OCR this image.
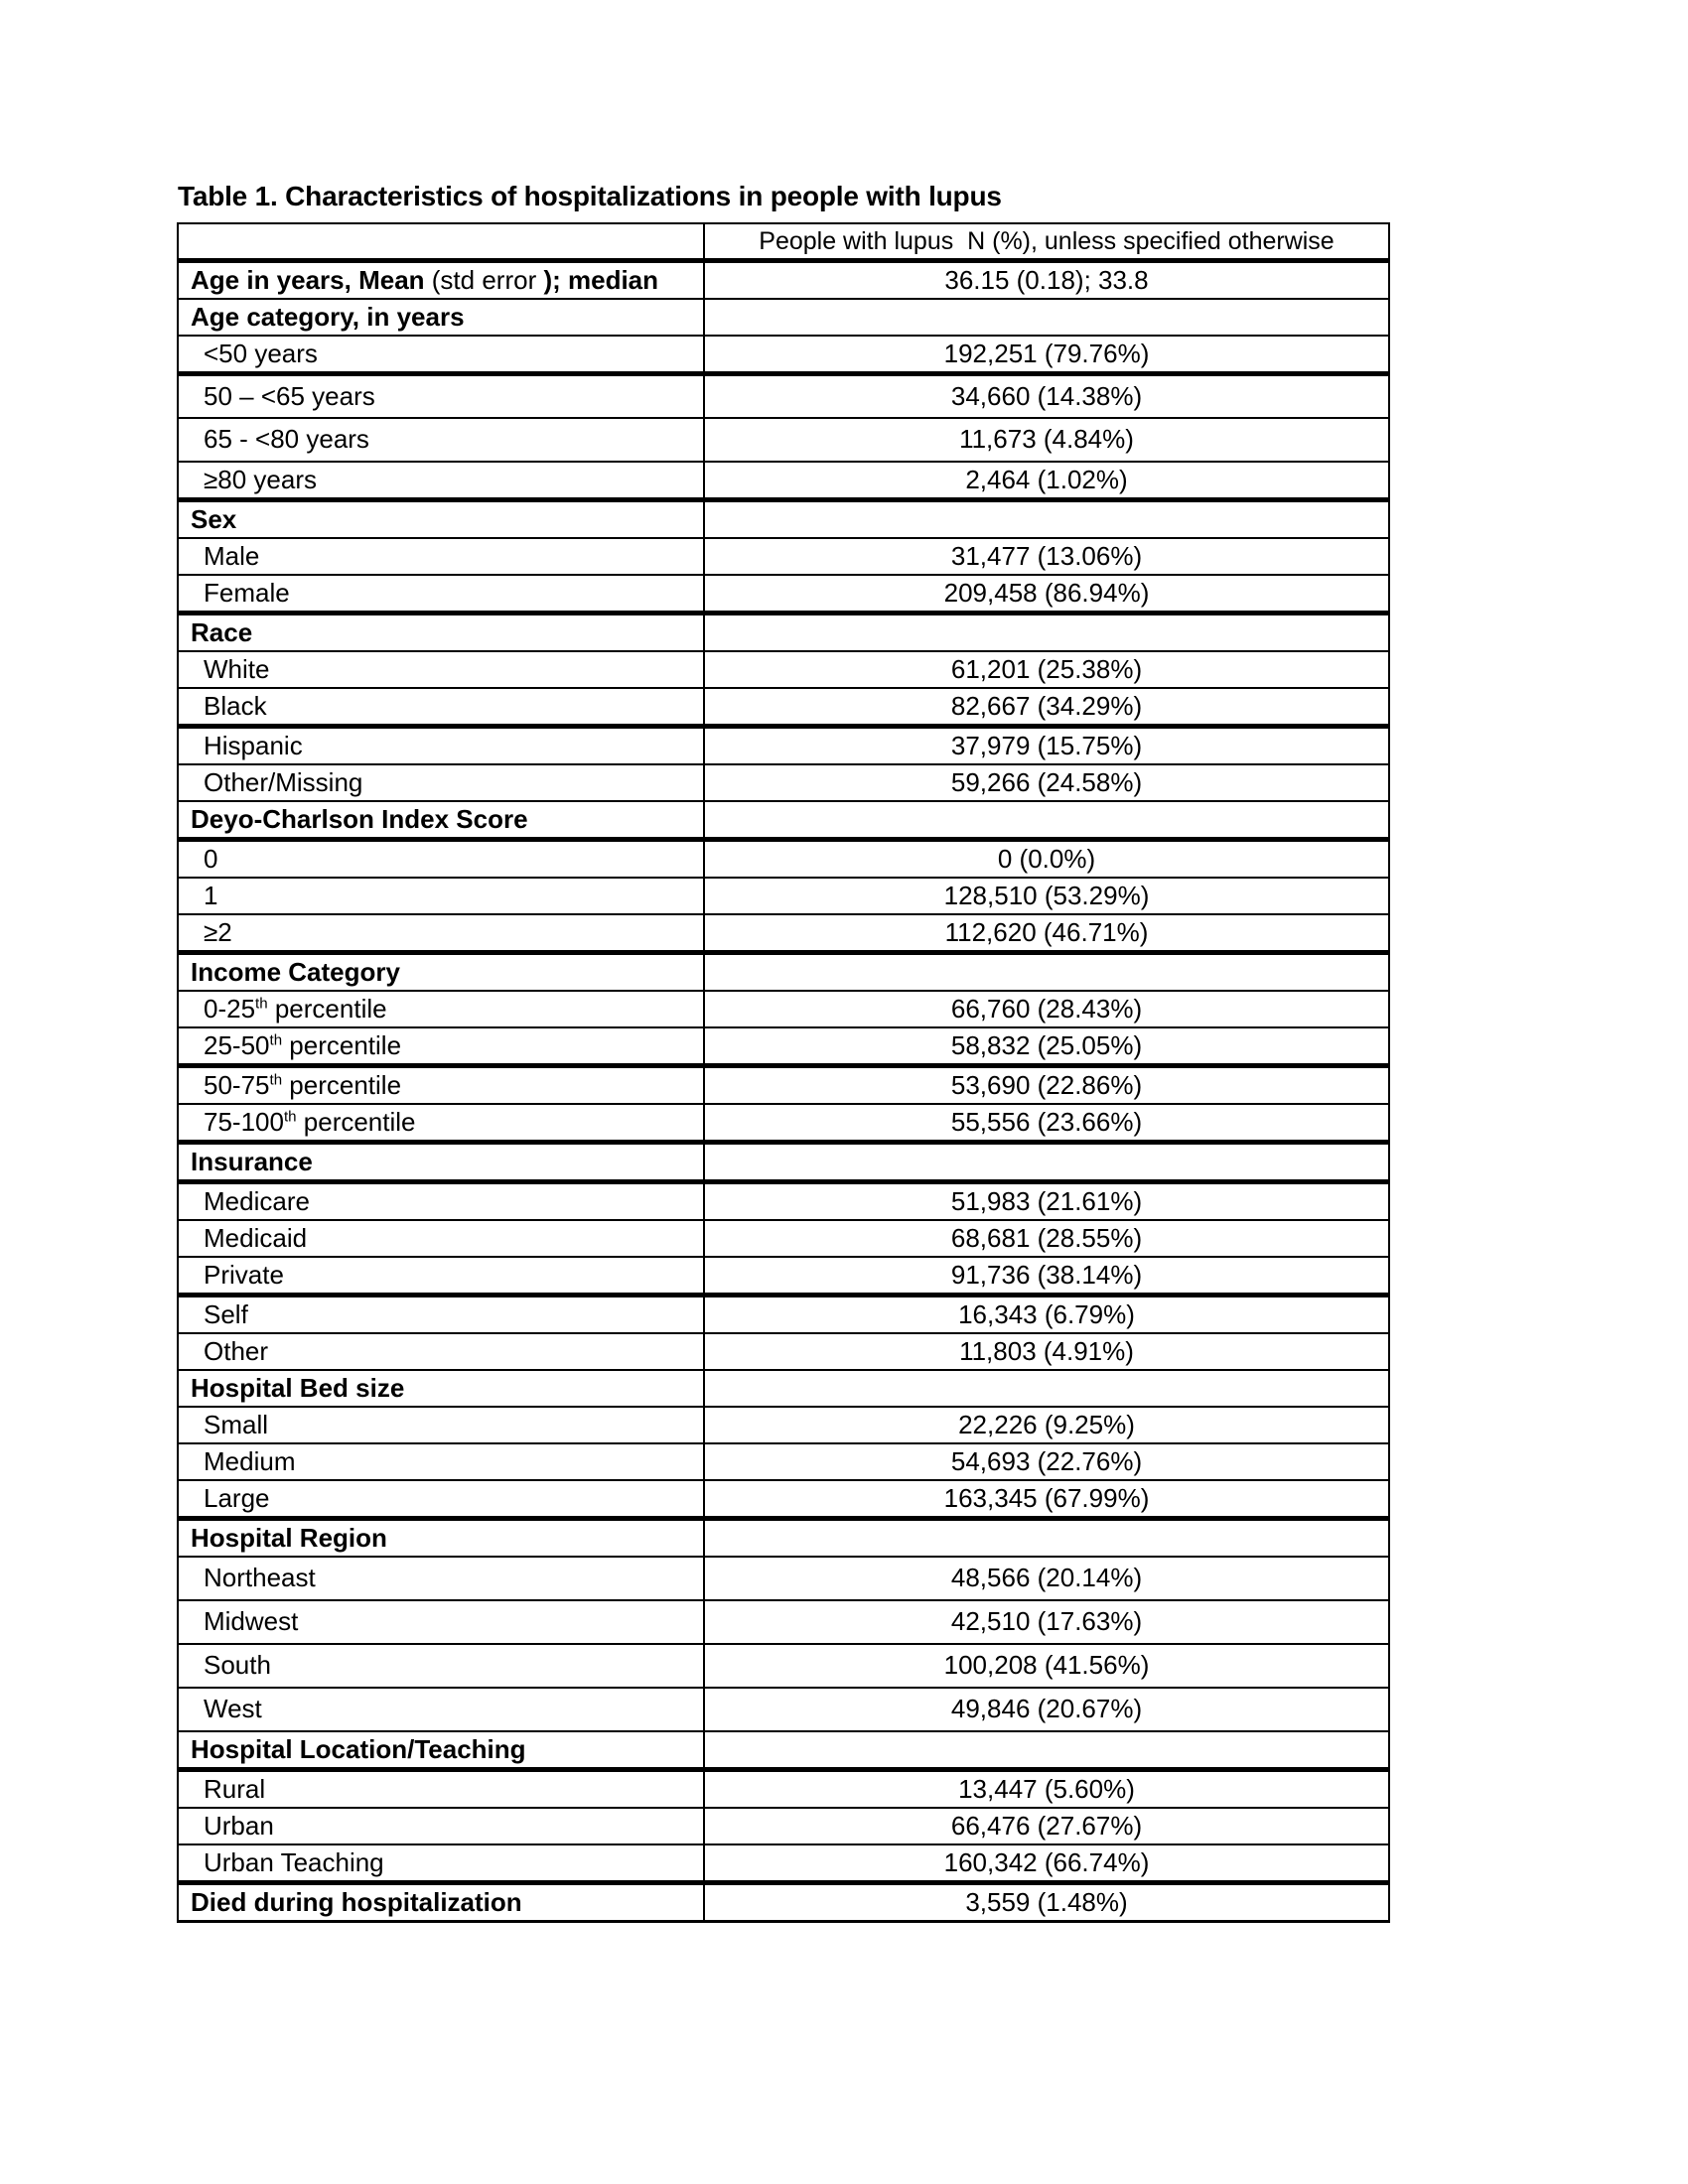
Table 1. Characteristics of hospitalizations in people with lupus
	People with lupus  N (%), unless specified otherwise
Age in years, Mean (std error ); median	36.15 (0.18); 33.8
Age category, in years	
<50 years	192,251 (79.76%)
50 – <65 years	34,660 (14.38%)
65 - <80 years	11,673 (4.84%)
≥80 years	2,464 (1.02%)
Sex	
Male	31,477 (13.06%)
Female	209,458 (86.94%)
Race	
White	61,201 (25.38%)
Black	82,667 (34.29%)
Hispanic	37,979 (15.75%)
Other/Missing	59,266 (24.58%)
Deyo-Charlson Index Score	
0	0 (0.0%)
1	128,510 (53.29%)
≥2	112,620 (46.71%)
Income Category	
0-25th percentile	66,760 (28.43%)
25-50th percentile	58,832 (25.05%)
50-75th percentile	53,690 (22.86%)
75-100th percentile	55,556 (23.66%)
Insurance	
Medicare	51,983 (21.61%)
Medicaid	68,681 (28.55%)
Private	91,736 (38.14%)
Self	16,343 (6.79%)
Other	11,803 (4.91%)
Hospital Bed size	
Small	22,226 (9.25%)
Medium	54,693 (22.76%)
Large	163,345 (67.99%)
Hospital Region	
Northeast	48,566 (20.14%)
Midwest	42,510 (17.63%)
South	100,208 (41.56%)
West	49,846 (20.67%)
Hospital Location/Teaching	
Rural	13,447 (5.60%)
Urban	66,476 (27.67%)
Urban Teaching	160,342 (66.74%)
Died during hospitalization	3,559 (1.48%)
